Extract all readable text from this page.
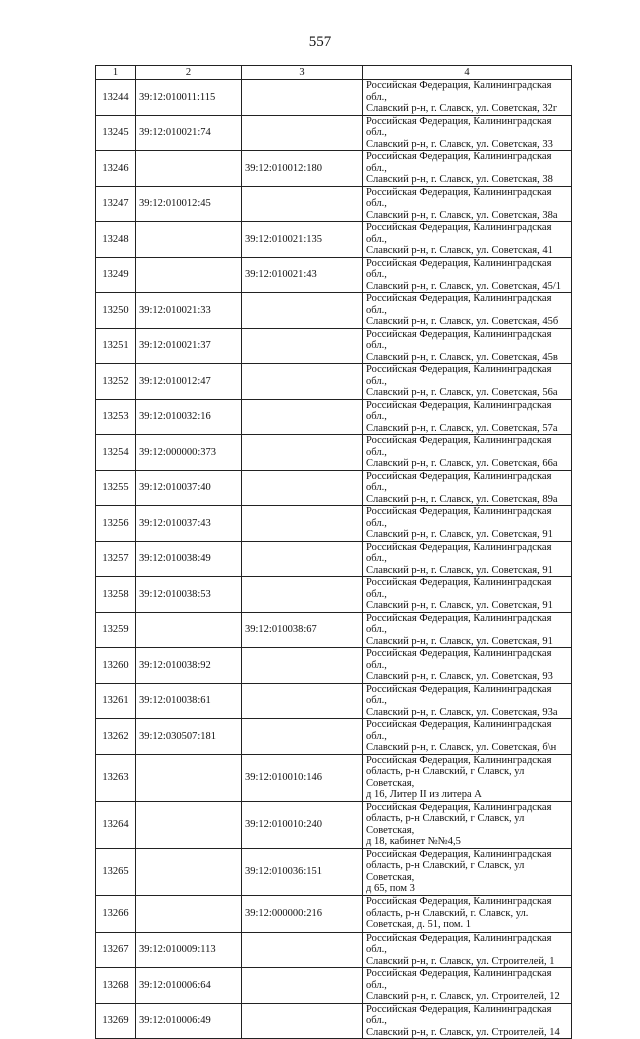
557
1	2	3	4
13244	39:12:010011:115		Российская Федерация, Калининградская обл.,
Славский р-н, г. Славск, ул. Советская, 32г
13245	39:12:010021:74		Российская Федерация, Калининградская обл.,
Славский р-н, г. Славск, ул. Советская, 33
13246		39:12:010012:180	Российская Федерация, Калининградская обл.,
Славский р-н, г. Славск, ул. Советская, 38
13247	39:12:010012:45		Российская Федерация, Калининградская обл.,
Славский р-н, г. Славск, ул. Советская, 38а
13248		39:12:010021:135	Российская Федерация, Калининградская обл.,
Славский р-н, г. Славск, ул. Советская, 41
13249		39:12:010021:43	Российская Федерация, Калининградская обл.,
Славский р-н, г. Славск, ул. Советская, 45/1
13250	39:12:010021:33		Российская Федерация, Калининградская обл.,
Славский р-н, г. Славск, ул. Советская, 45б
13251	39:12:010021:37		Российская Федерация, Калининградская обл.,
Славский р-н, г. Славск, ул. Советская, 45в
13252	39:12:010012:47		Российская Федерация, Калининградская обл.,
Славский р-н, г. Славск, ул. Советская, 56а
13253	39:12:010032:16		Российская Федерация, Калининградская обл.,
Славский р-н, г. Славск, ул. Советская, 57а
13254	39:12:000000:373		Российская Федерация, Калининградская обл.,
Славский р-н, г. Славск, ул. Советская, 66а
13255	39:12:010037:40		Российская Федерация, Калининградская обл.,
Славский р-н, г. Славск, ул. Советская, 89а
13256	39:12:010037:43		Российская Федерация, Калининградская обл.,
Славский р-н, г. Славск, ул. Советская, 91
13257	39:12:010038:49		Российская Федерация, Калининградская обл.,
Славский р-н, г. Славск, ул. Советская, 91
13258	39:12:010038:53		Российская Федерация, Калининградская обл.,
Славский р-н, г. Славск, ул. Советская, 91
13259		39:12:010038:67	Российская Федерация, Калининградская обл.,
Славский р-н, г. Славск, ул. Советская, 91
13260	39:12:010038:92		Российская Федерация, Калининградская обл.,
Славский р-н, г. Славск, ул. Советская, 93
13261	39:12:010038:61		Российская Федерация, Калининградская обл.,
Славский р-н, г. Славск, ул. Советская, 93а
13262	39:12:030507:181		Российская Федерация, Калининградская обл.,
Славский р-н, г. Славск, ул. Советская, б\н
13263		39:12:010010:146	Российская Федерация, Калининградская
область, р-н Славский, г Славск, ул Советская,
д 16, Литер II из литера А
13264		39:12:010010:240	Российская Федерация, Калининградская
область, р-н Славский, г Славск, ул Советская,
д 18, кабинет №№4,5
13265		39:12:010036:151	Российская Федерация, Калининградская
область, р-н Славский, г Славск, ул Советская,
д 65, пом 3
13266		39:12:000000:216	Российская Федерация, Калининградская
область, р-н Славский, г. Славск, ул.
Советская, д. 51, пом. 1
13267	39:12:010009:113		Российская Федерация, Калининградская обл.,
Славский р-н, г. Славск, ул. Строителей, 1
13268	39:12:010006:64		Российская Федерация, Калининградская обл.,
Славский р-н, г. Славск, ул. Строителей, 12
13269	39:12:010006:49		Российская Федерация, Калининградская обл.,
Славский р-н, г. Славск, ул. Строителей, 14
